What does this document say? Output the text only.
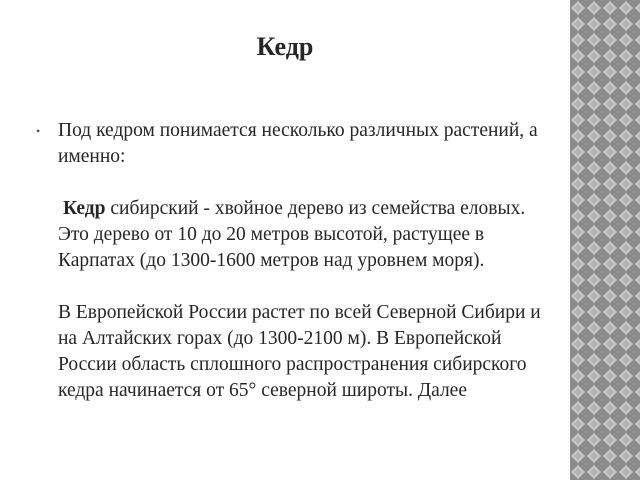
Кедр
• Под кедром понимается несколько различных растений, а именно:

Кедр сибирский - хвойное дерево из семейства еловых. Это дерево от 10 до 20 метров высотой, растущее в Карпатах (до 1300-1600 метров над уровнем моря).

В Европейской России растет по всей Северной Сибири и на Алтайских горах (до 1300-2100 м). В Европейской России область сплошного распространения сибирского кедра начинается от 65° северной широты. Далее
